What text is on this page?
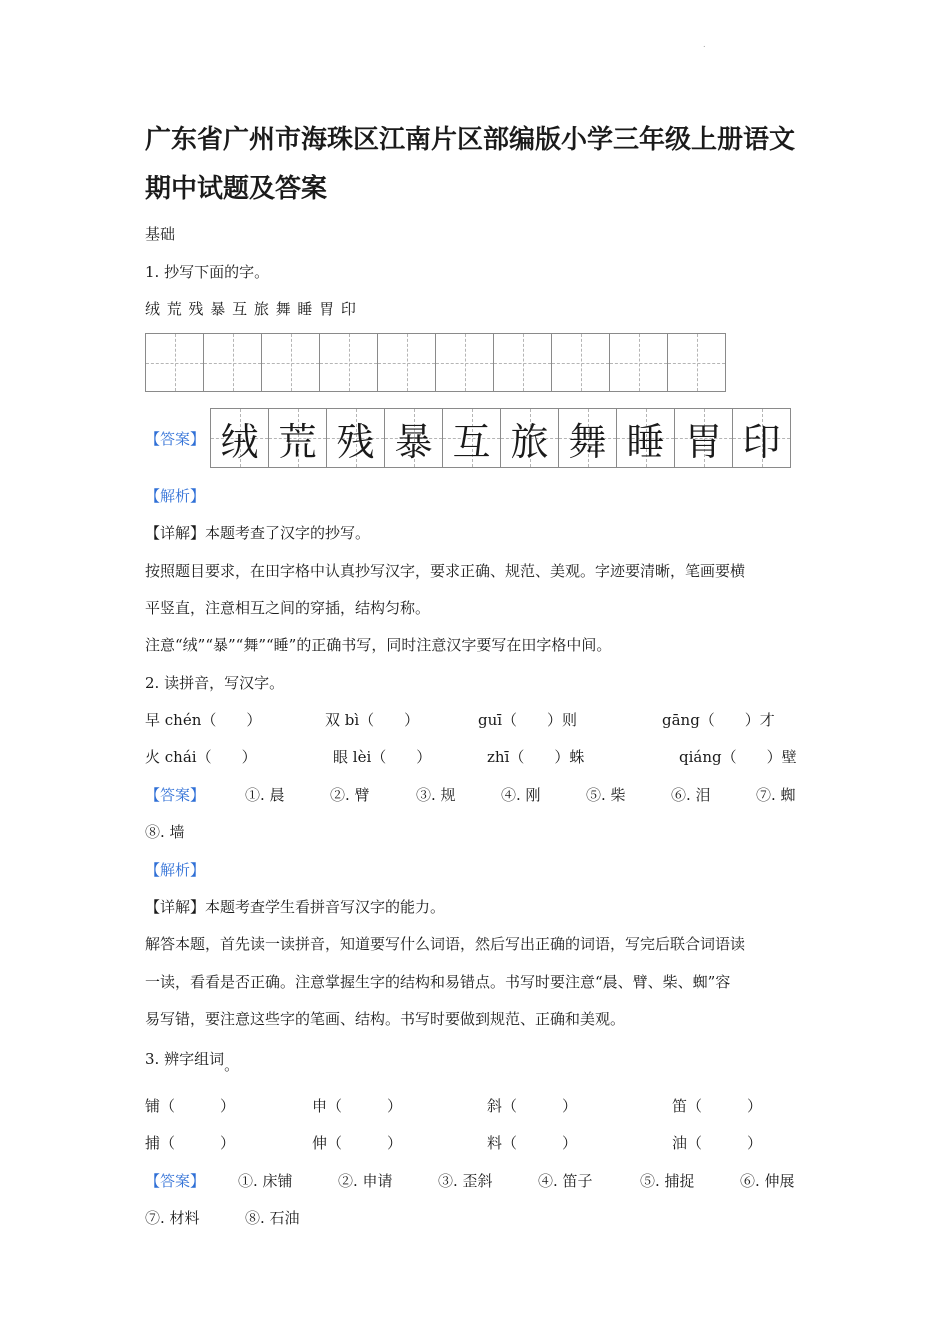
.
广东省广州市海珠区江南片区部编版小学三年级上册语文
期中试题及答案
基础
1. 抄写下面的字。
绒 荒 残 暴 互 旅 舞 睡 胃 印

【答案】 绒	荒	残	暴	互	旅	舞	睡	胃	印
【解析】
【详解】本题考查了汉字的抄写。
按照题目要求，在田字格中认真抄写汉字，要求正确、规范、美观。字迹要清晰，笔画要横
平竖直，注意相互之间的穿插，结构匀称。
注意“绒”“暴”“舞”“睡”的正确书写，同时注意汉字要写在田字格中间。
2. 读拼音，写汉字。
早 chén（　　）	双 bì（　　）	guī（　　）则	gāng（　　）才
火 chái（　　）	眼 lèi（　　）	zhī（　　）蛛	qiáng（　　）壁
【答案】	①. 晨	②. 臂	③. 规	④. 刚	⑤. 柴	⑥. 泪	⑦. 蜘
⑧. 墙
【解析】
【详解】本题考查学生看拼音写汉字的能力。
解答本题，首先读一读拼音，知道要写什么词语，然后写出正确的词语，写完后联合词语读
一读，看看是否正确。注意掌握生字的结构和易错点。书写时要注意“晨、臂、柴、蜘”容
易写错，要注意这些字的笔画、结构。书写时要做到规范、正确和美观。
3. 辨字组词。
铺（　　　）	申（　　　）	斜（　　　）	笛（　　　）
捕（　　　）	伸（　　　）	料（　　　）	油（　　　）
【答案】 ①. 床铺	②. 申请	③. 歪斜	④. 笛子	⑤. 捕捉	⑥. 伸展
⑦. 材料	⑧. 石油
